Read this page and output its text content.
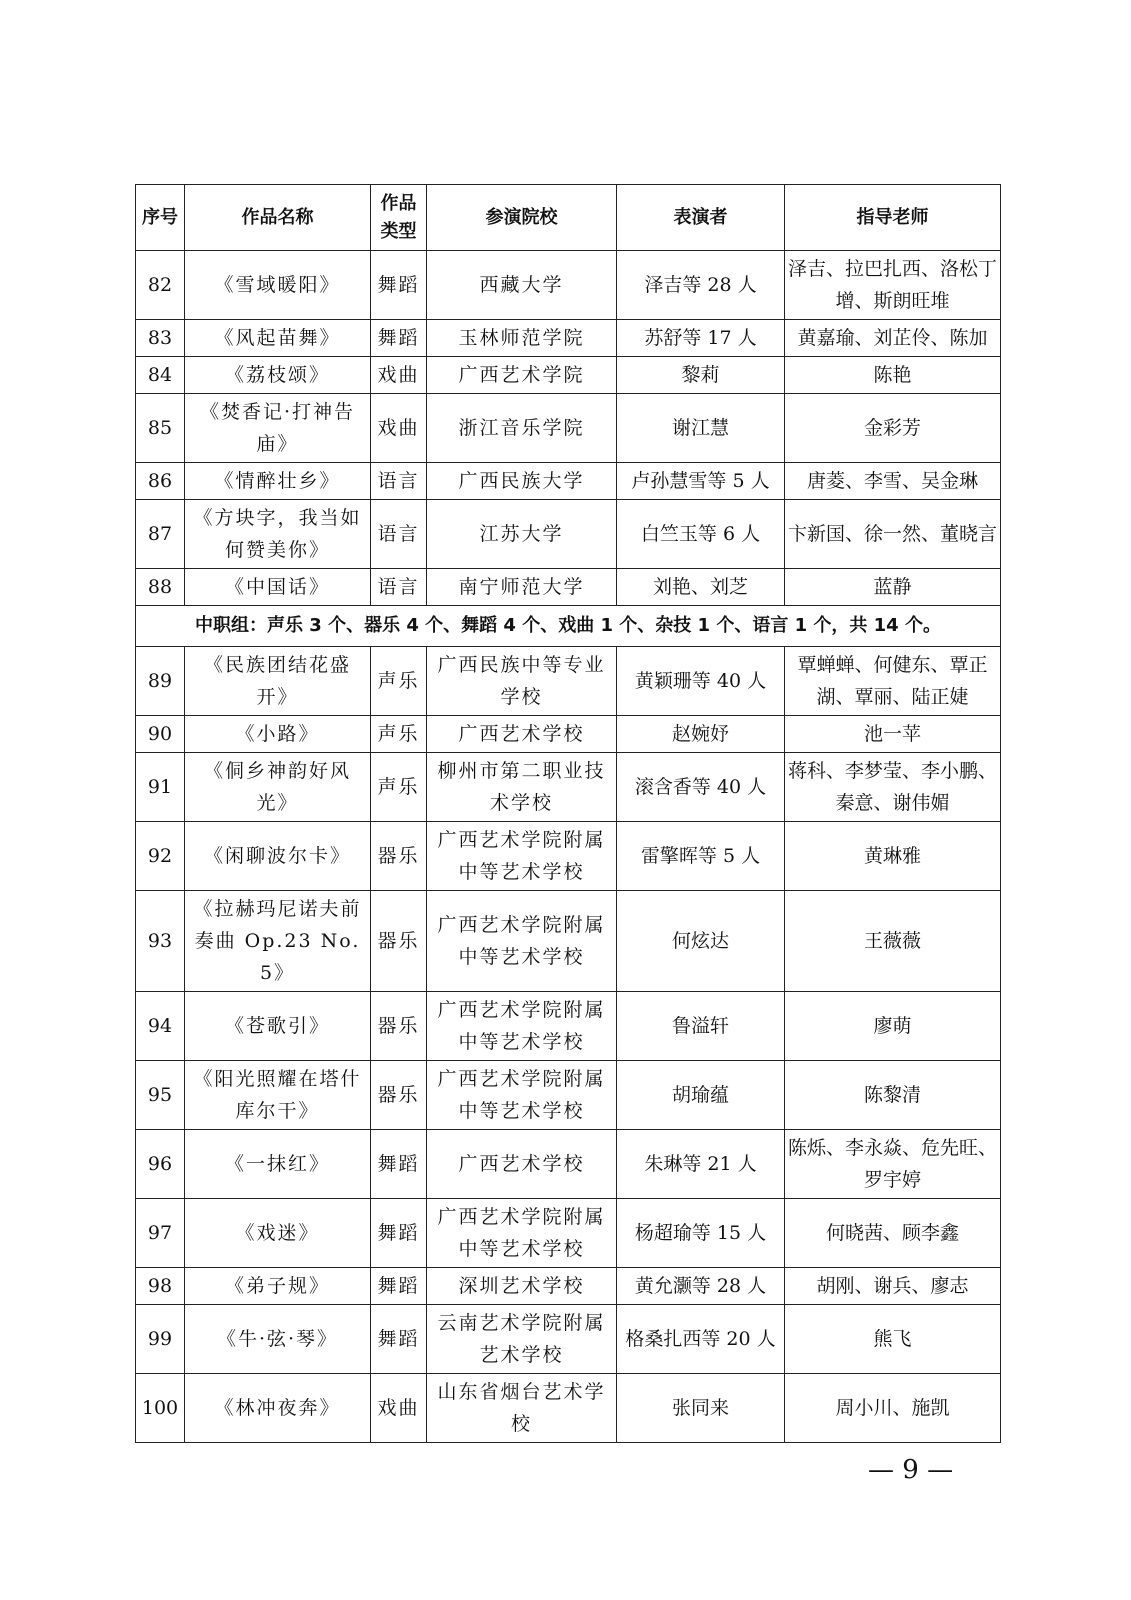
序号	作品名称	作品类型	参演院校	表演者	指导老师
82	《雪域暖阳》	舞蹈	西藏大学	泽吉等 28 人	泽吉、拉巴扎西、洛松丁增、斯朗旺堆
83	《风起苗舞》	舞蹈	玉林师范学院	苏舒等 17 人	黄嘉瑜、刘芷伶、陈加
84	《荔枝颂》	戏曲	广西艺术学院	黎莉	陈艳
85	《焚香记·打神告庙》	戏曲	浙江音乐学院	谢江慧	金彩芳
86	《情醉壮乡》	语言	广西民族大学	卢孙慧雪等 5 人	唐菱、李雪、吴金琳
87	《方块字，我当如何赞美你》	语言	江苏大学	白竺玉等 6 人	卞新国、徐一然、董晓言
88	《中国话》	语言	南宁师范大学	刘艳、刘芝	蓝静
中职组：声乐 3 个、器乐 4 个、舞蹈 4 个、戏曲 1 个、杂技 1 个、语言 1 个，共 14 个。					
89	《民族团结花盛开》	声乐	广西民族中等专业学校	黄颖珊等 40 人	覃蝉蝉、何健东、覃正湖、覃丽、陆正婕
90	《小路》	声乐	广西艺术学校	赵婉妤	池一苹
91	《侗乡神韵好风光》	声乐	柳州市第二职业技术学校	滚含香等 40 人	蒋科、李梦莹、李小鹏、秦意、谢伟媚
92	《闲聊波尔卡》	器乐	广西艺术学院附属中等艺术学校	雷擎晖等 5 人	黄琳雅
93	《拉赫玛尼诺夫前奏曲 Op.23 No.5》	器乐	广西艺术学院附属中等艺术学校	何炫达	王薇薇
94	《苍歌引》	器乐	广西艺术学院附属中等艺术学校	鲁溢轩	廖萌
95	《阳光照耀在塔什库尔干》	器乐	广西艺术学院附属中等艺术学校	胡瑜蕴	陈黎清
96	《一抹红》	舞蹈	广西艺术学校	朱琳等 21 人	陈烁、李永焱、危先旺、罗宇婷
97	《戏迷》	舞蹈	广西艺术学院附属中等艺术学校	杨超瑜等 15 人	何晓茜、顾李鑫
98	《弟子规》	舞蹈	深圳艺术学校	黄允灏等 28 人	胡刚、谢兵、廖志
99	《牛·弦·琴》	舞蹈	云南艺术学院附属艺术学校	格桑扎西等 20 人	熊飞
100	《林冲夜奔》	戏曲	山东省烟台艺术学校	张同来	周小川、施凯
— 9 —
